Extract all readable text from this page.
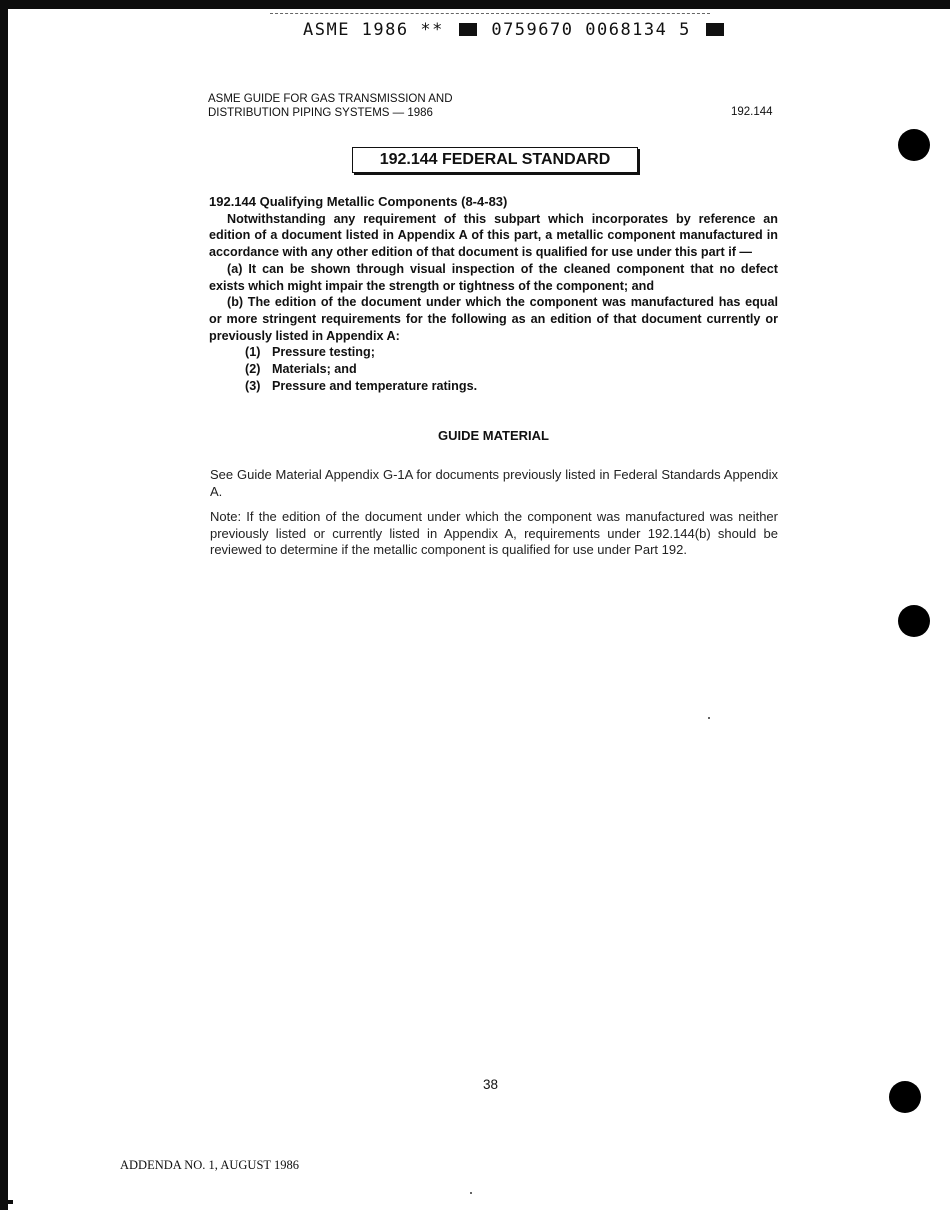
ASME 1986 **	0759670 0068134 5
ASME GUIDE FOR GAS TRANSMISSION AND
DISTRIBUTION PIPING SYSTEMS — 1986	192.144
192.144 FEDERAL STANDARD

192.144 Qualifying Metallic Components (8-4-83)

Notwithstanding any requirement of this subpart which incorporates by reference an edition of a document listed in Appendix A of this part, a metallic component manufactured in accordance with any other edition of that document is qualified for use under this part if —

(a) It can be shown through visual inspection of the cleaned component that no defect exists which might impair the strength or tightness of the component; and

(b) The edition of the document under which the component was manufactured has equal or more stringent requirements for the following as an edition of that document currently or previously listed in Appendix A:

(1) Pressure testing;

(2) Materials; and

(3) Pressure and temperature ratings.

GUIDE MATERIAL

See Guide Material Appendix G-1A for documents previously listed in Federal Standards Appendix A.

Note: If the edition of the document under which the component was manufactured was neither previously listed or currently listed in Appendix A, requirements under 192.144(b) should be reviewed to determine if the metallic component is qualified for use under Part 192.

38
ADDENDA NO. 1, AUGUST 1986
